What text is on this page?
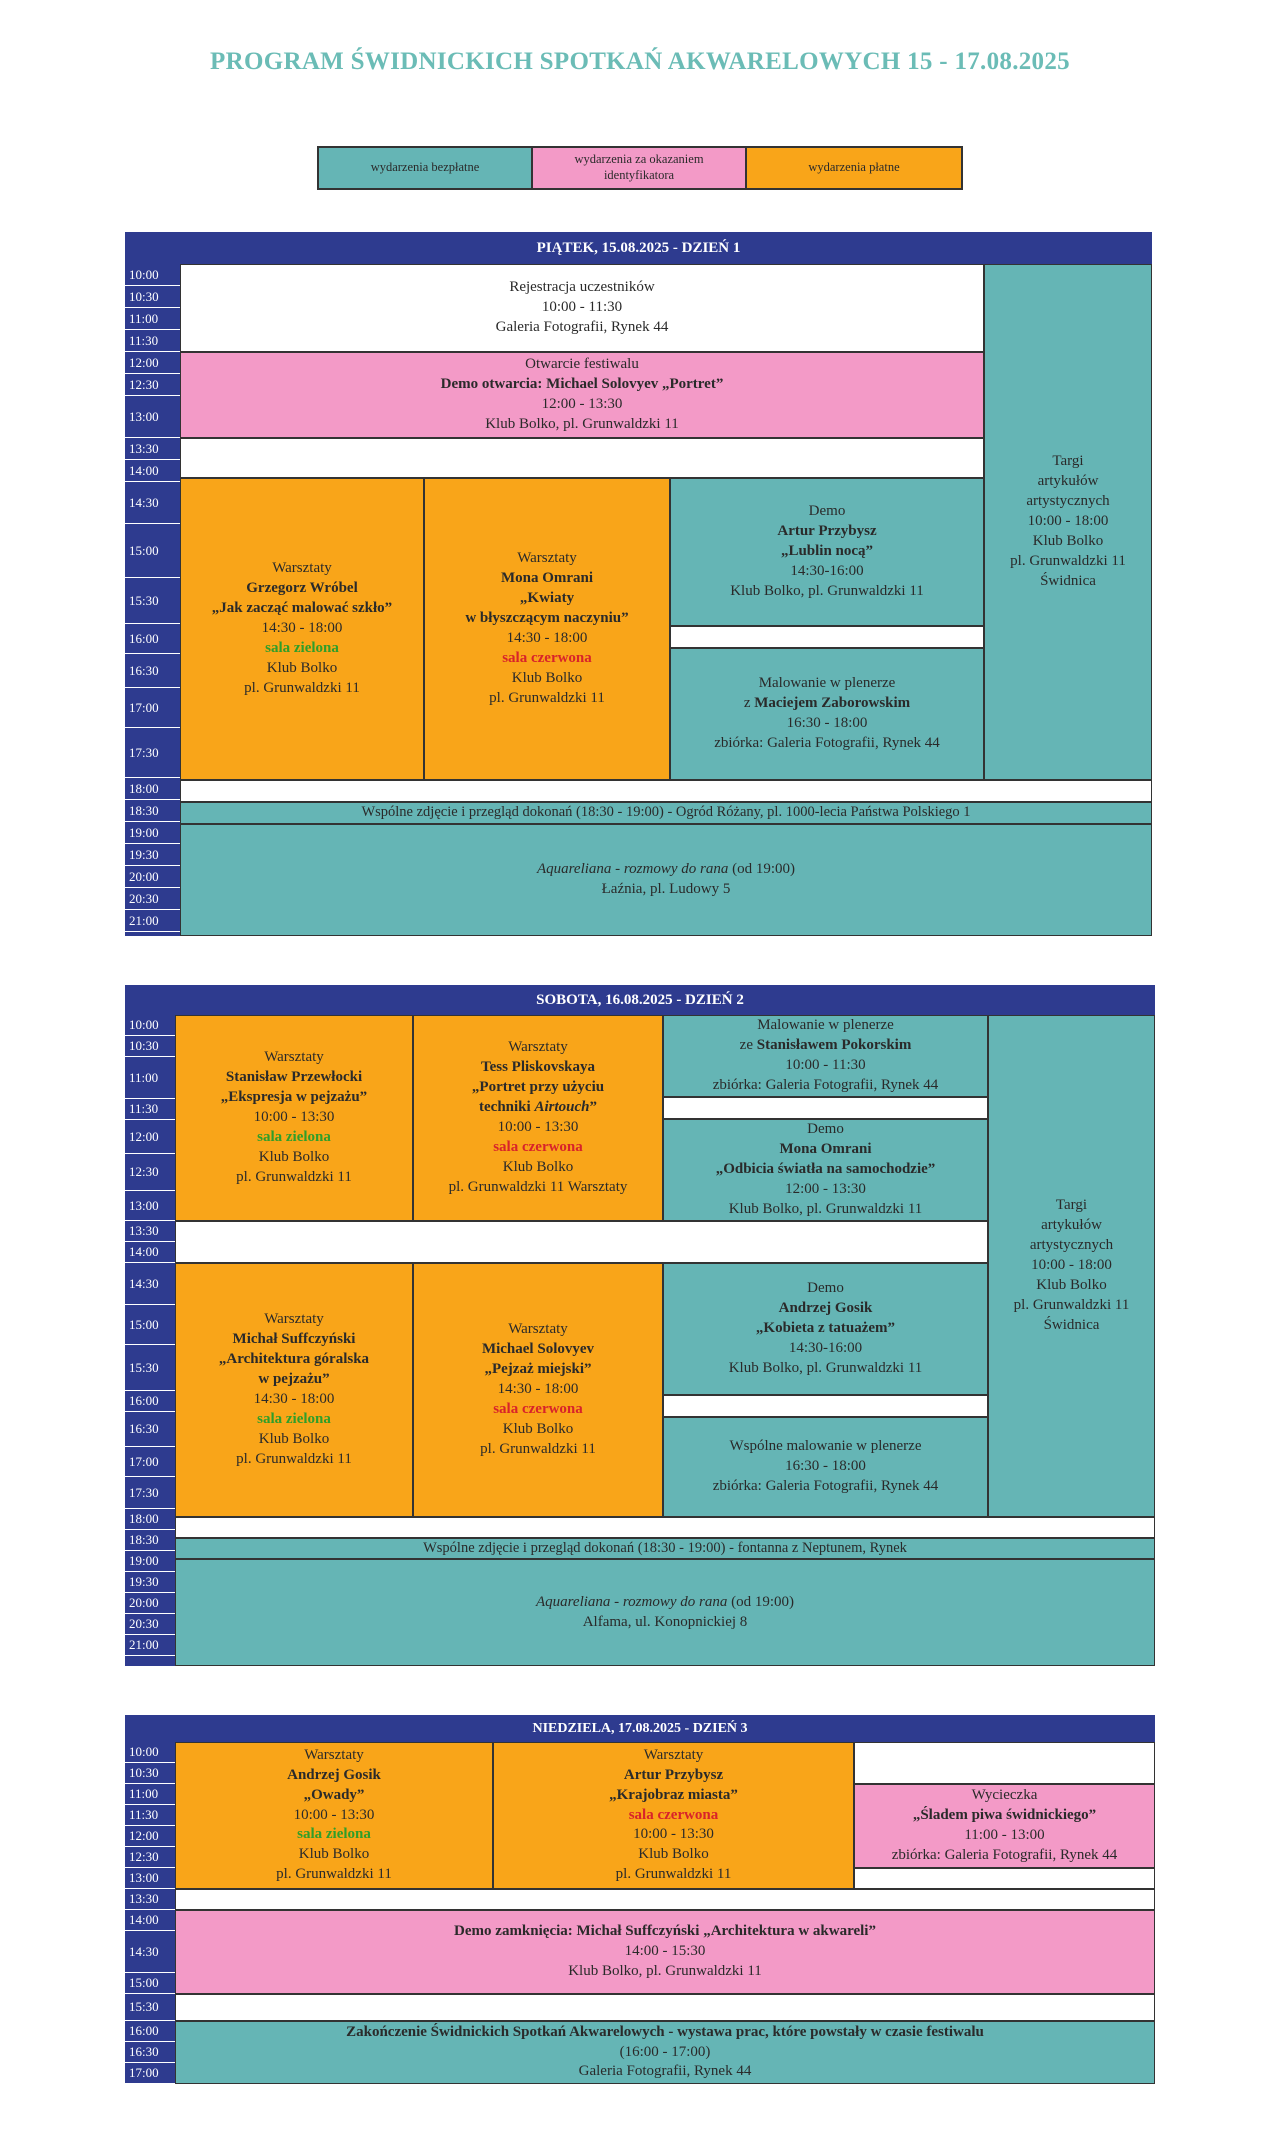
PROGRAM ŚWIDNICKICH SPOTKAŃ AKWARELOWYCH 15 - 17.08.2025
wydarzenia bezpłatne
wydarzenia za okazaniem identyfikatora
wydarzenia płatne
PIĄTEK, 15.08.2025 - DZIEŃ 1
10:00
10:30
11:00
11:30
12:00
12:30
13:00
13:30
14:00
14:30
15:00
15:30
16:00
16:30
17:00
17:30
18:00
18:30
19:00
19:30
20:00
20:30
21:00
Rejestracja uczestników
10:00 - 11:30
Galeria Fotografii, Rynek 44
Otwarcie festiwalu
Demo otwarcia: Michael Solovyev „Portret”
12:00 - 13:30
Klub Bolko, pl. Grunwaldzki 11
Targi
artykułów
artystycznych
10:00 - 18:00
Klub Bolko
pl. Grunwaldzki 11
Świdnica
Warsztaty
Grzegorz Wróbel
„Jak zacząć malować szkło”
14:30 - 18:00
sala zielona
Klub Bolko
pl. Grunwaldzki 11
Warsztaty
Mona Omrani
„Kwiaty
w błyszczącym naczyniu”
14:30 - 18:00
sala czerwona
Klub Bolko
pl. Grunwaldzki 11
Demo
Artur Przybysz
„Lublin nocą”
14:30-16:00
Klub Bolko, pl. Grunwaldzki 11
Malowanie w plenerze
z Maciejem Zaborowskim
16:30 - 18:00
zbiórka: Galeria Fotografii, Rynek 44
Wspólne zdjęcie i przegląd dokonań (18:30 - 19:00) - Ogród Różany, pl. 1000-lecia Państwa Polskiego 1
Aquareliana - rozmowy do rana (od 19:00)
Łaźnia, pl. Ludowy 5
SOBOTA, 16.08.2025 - DZIEŃ 2
10:00
10:30
11:00
11:30
12:00
12:30
13:00
13:30
14:00
14:30
15:00
15:30
16:00
16:30
17:00
17:30
18:00
18:30
19:00
19:30
20:00
20:30
21:00
Warsztaty
Stanisław Przewłocki
„Ekspresja w pejzażu”
10:00 - 13:30
sala zielona
Klub Bolko
pl. Grunwaldzki 11
Warsztaty
Tess Pliskovskaya
„Portret przy użyciu
techniki Airtouch”
10:00 - 13:30
sala czerwona
Klub Bolko
pl. Grunwaldzki 11 Warsztaty
Malowanie w plenerze
ze Stanisławem Pokorskim
10:00 - 11:30
zbiórka: Galeria Fotografii, Rynek 44
Demo
Mona Omrani
„Odbicia światła na samochodzie”
12:00 - 13:30
Klub Bolko, pl. Grunwaldzki 11	Targi
artykułów
artystycznych
10:00 - 18:00
Klub Bolko
pl. Grunwaldzki 11
Świdnica
Warsztaty
Michał Suffczyński
„Architektura góralska
w pejzażu”
14:30 - 18:00
sala zielona
Klub Bolko
pl. Grunwaldzki 11
Warsztaty
Michael Solovyev
„Pejzaż miejski”
14:30 - 18:00
sala czerwona
Klub Bolko
pl. Grunwaldzki 11
Demo
Andrzej Gosik
„Kobieta z tatuażem”
14:30-16:00
Klub Bolko, pl. Grunwaldzki 11
Wspólne malowanie w plenerze
16:30 - 18:00
zbiórka: Galeria Fotografii, Rynek 44
Wspólne zdjęcie i przegląd dokonań (18:30 - 19:00) - fontanna z Neptunem, Rynek
Aquareliana - rozmowy do rana (od 19:00)
Alfama, ul. Konopnickiej 8
NIEDZIELA, 17.08.2025 - DZIEŃ 3
10:00
10:30
11:00
11:30
12:00
12:30
13:00
13:30
14:00
14:30
15:00
15:30
16:00
16:30
17:00
Warsztaty
Andrzej Gosik
„Owady”
10:00 - 13:30
sala zielona
Klub Bolko
pl. Grunwaldzki 11
Warsztaty
Artur Przybysz
„Krajobraz miasta”
sala czerwona
10:00 - 13:30
Klub Bolko
pl. Grunwaldzki 11
Wycieczka
„Śladem piwa świdnickiego”
11:00 - 13:00
zbiórka: Galeria Fotografii, Rynek 44
Demo zamknięcia: Michał Suffczyński „Architektura w akwareli”
14:00 - 15:30
Klub Bolko, pl. Grunwaldzki 11
Zakończenie Świdnickich Spotkań Akwarelowych - wystawa prac, które powstały w czasie festiwalu
(16:00 - 17:00)
Galeria Fotografii, Rynek 44
